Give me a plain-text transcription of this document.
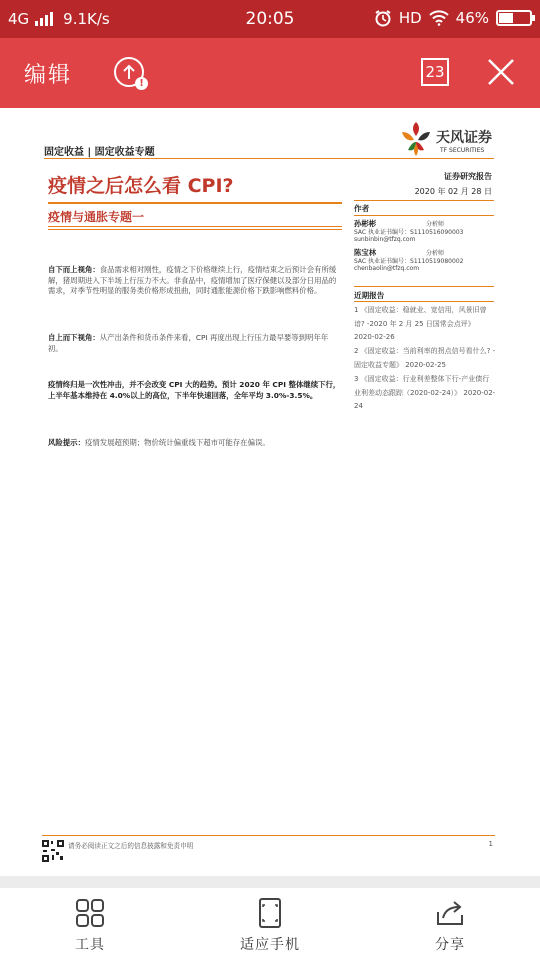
4G 9.1K/s	20:05	HD 46%
编辑	!
23
固定收益 | 固定收益专题
天风证券
TF SECURITIES
疫情之后怎么看 CPI?
疫情与通胀专题一
自下而上视角：食品需求相对刚性，疫情之下价格继续上行，疫情结束之后预计会有所缓解，猪周期进入下半场上行压力不大。非食品中，疫情增加了医疗保健以及部分日用品的需求，对季节性明显的服务类价格形成扭曲，同时通胀能源价格下跌影响燃料价格。
自上而下视角：从产出条件和货币条件来看，CPI 再度出现上行压力最早要等到明年年初。
疫情终归是一次性冲击，并不会改变 CPI 大的趋势。预计 2020 年 CPI 整体继续下行，上半年基本维持在 4.0%以上的高位，下半年快速回落，全年平均 3.0%-3.5%。
风险提示：疫情发展超预期；物价统计偏重线下超市可能存在偏误。
证券研究报告
2020 年 02 月 28 日
作者
孙彬彬	分析师
SAC 执业证书编号：S1110516090003
sunbinbin@tfzq.com
陈宝林	分析师
SAC 执业证书编号：S1110519080002
chenbaolin@tfzq.com
近期报告
1 《固定收益：稳就业、宽信用，风景旧曾谙? -2020 年 2 月 25 日国常会点评》 2020-02-26
2 《固定收益：当前利率的拐点信号看什么? -固定收益专题》 2020-02-25
3 《固定收益：行业利差整体下行-产业债行业利差动态跟踪（2020-02-24）》 2020-02-24
请务必阅读正文之后的信息披露和免责申明	1
工具	适应手机	分享
